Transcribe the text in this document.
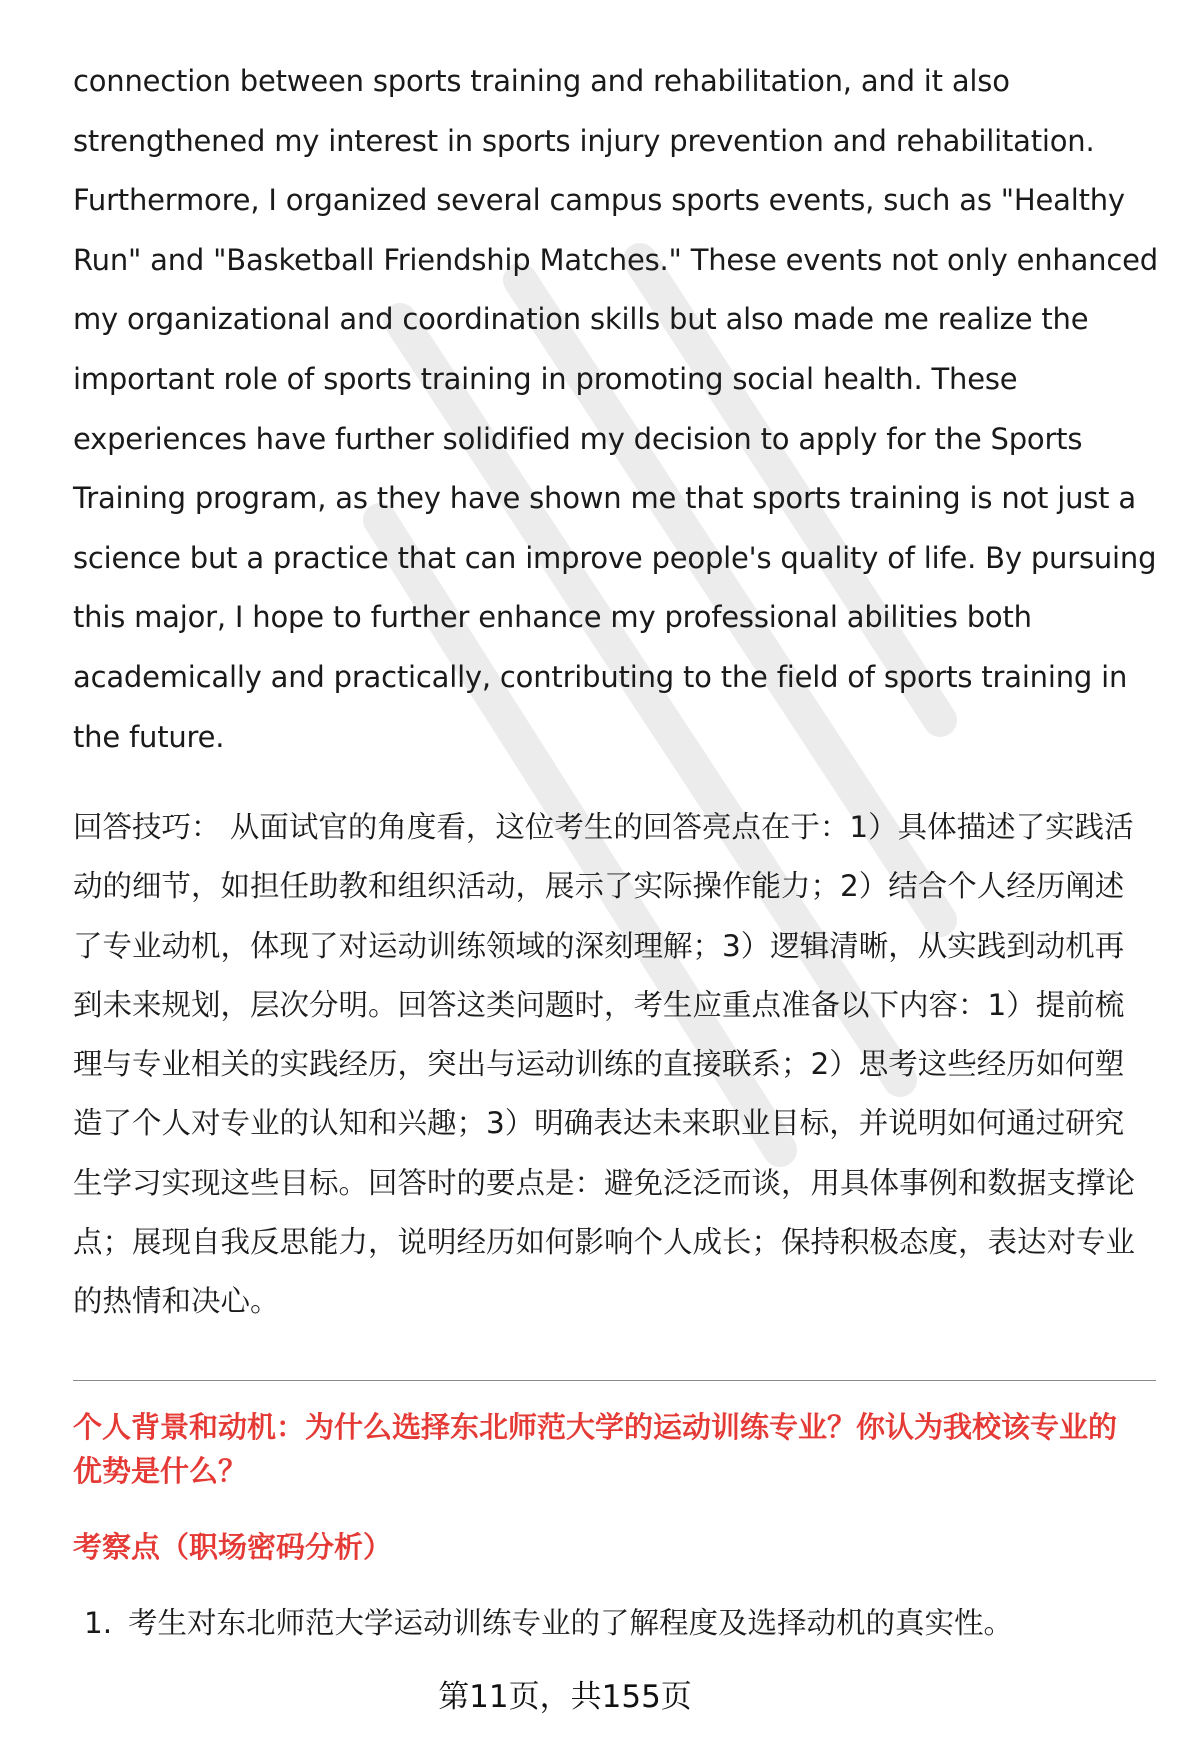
connection between sports training and rehabilitation, and it also
strengthened my interest in sports injury prevention and rehabilitation.
Furthermore, I organized several campus sports events, such as "Healthy
Run" and "Basketball Friendship Matches." These events not only enhanced
my organizational and coordination skills but also made me realize the
important role of sports training in promoting social health. These
experiences have further solidified my decision to apply for the Sports
Training program, as they have shown me that sports training is not just a
science but a practice that can improve people's quality of life. By pursuing
this major, I hope to further enhance my professional abilities both
academically and practically, contributing to the field of sports training in
the future.

回答技巧： 从面试官的角度看，这位考生的回答亮点在于：1）具体描述了实践活
动的细节，如担任助教和组织活动，展示了实际操作能力；2）结合个人经历阐述
了专业动机，体现了对运动训练领域的深刻理解；3）逻辑清晰，从实践到动机再
到未来规划，层次分明。回答这类问题时，考生应重点准备以下内容：1）提前梳
理与专业相关的实践经历，突出与运动训练的直接联系；2）思考这些经历如何塑
造了个人对专业的认知和兴趣；3）明确表达未来职业目标，并说明如何通过研究
生学习实现这些目标。回答时的要点是：避免泛泛而谈，用具体事例和数据支撑论
点；展现自我反思能力，说明经历如何影响个人成长；保持积极态度，表达对专业
的热情和决心。

个人背景和动机：为什么选择东北师范大学的运动训练专业？你认为我校该专业的
优势是什么？
考察点（职场密码分析）

1. 考生对东北师范大学运动训练专业的了解程度及选择动机的真实性。

第11页，共155页
